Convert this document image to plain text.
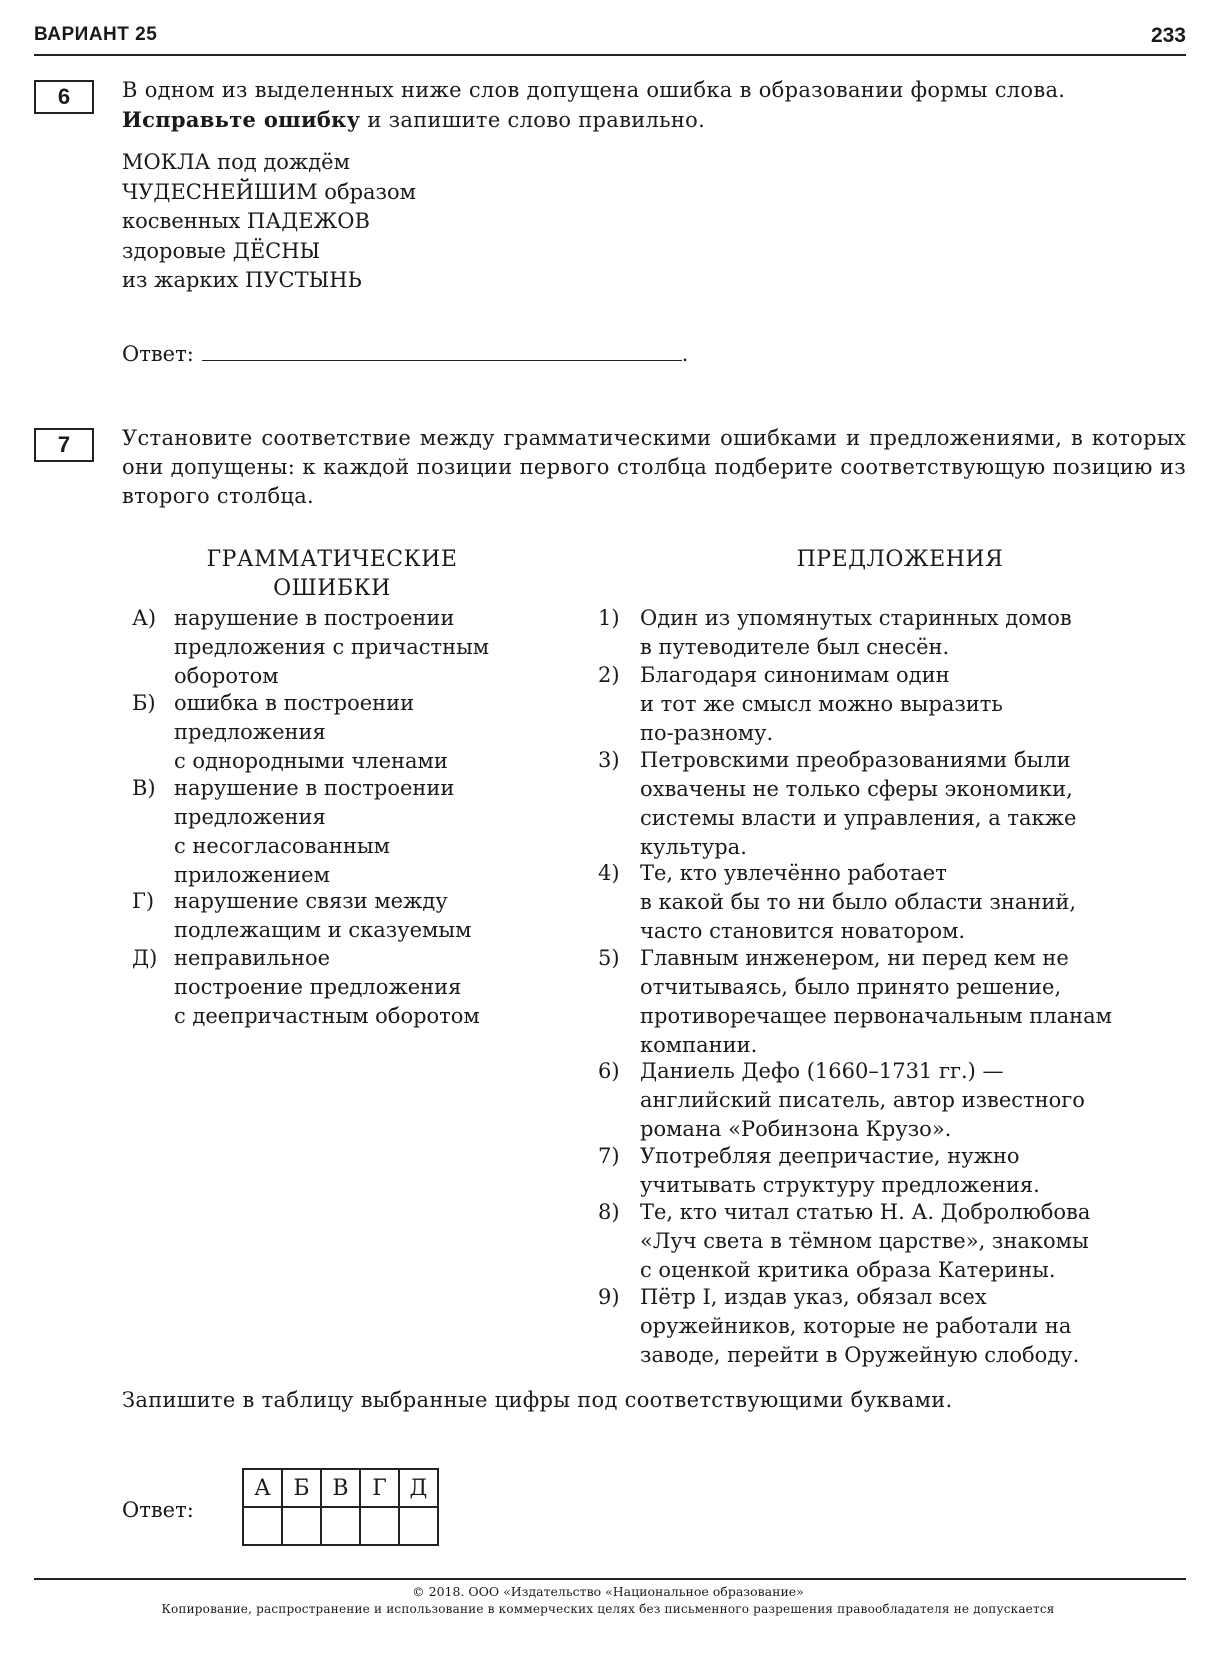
ВАРИАНТ 25	233
6	В одном из выделенных ниже слов допущена ошибка в образовании формы слова.
Исправьте ошибку и запишите слово правильно.
МОКЛА под дождём
ЧУДЕСНЕЙШИМ образом
косвенных ПАДЕЖОВ
здоровые ДЁСНЫ
из жарких ПУСТЫНЬ
Ответ:	.
7	Установите соответствие между грамматическими ошибками и предложениями, в которых они допущены: к каждой позиции первого столбца подберите соответствующую позицию из второго столбца.
ГРАММАТИЧЕСКИЕ
ОШИБКИ
ПРЕДЛОЖЕНИЯ
А) нарушение в построении
предложения с причастным
оборотом
Б) ошибка в построении
предложения
с однородными членами
В) нарушение в построении
предложения
с несогласованным
приложением
Г) нарушение связи между
подлежащим и сказуемым
Д) неправильное
построение предложения
с деепричастным оборотом
1) Один из упомянутых старинных домов
в путеводителе был снесён.
2) Благодаря синонимам один
и тот же смысл можно выразить
по-разному.
3) Петровскими преобразованиями были
охвачены не только сферы экономики,
системы власти и управления, а также
культура.
4) Те, кто увлечённо работает
в какой бы то ни было области знаний,
часто становится новатором.
5) Главным инженером, ни перед кем не
отчитываясь, было принято решение,
противоречащее первоначальным планам
компании.
6) Даниель Дефо (1660–1731 гг.) —
английский писатель, автор известного
романа «Робинзона Крузо».
7) Употребляя деепричастие, нужно
учитывать структуру предложения.
8) Те, кто читал статью Н. А. Добролюбова
«Луч света в тёмном царстве», знакомы
с оценкой критика образа Катерины.
9) Пётр I, издав указ, обязал всех
оружейников, которые не работали на
заводе, перейти в Оружейную слободу.
Запишите в таблицу выбранные цифры под соответствующими буквами.
Ответ:
А	Б	В	Г	Д

© 2018. ООО «Издательство «Национальное образование»
Копирование, распространение и использование в коммерческих целях без письменного разрешения правообладателя не допускается
